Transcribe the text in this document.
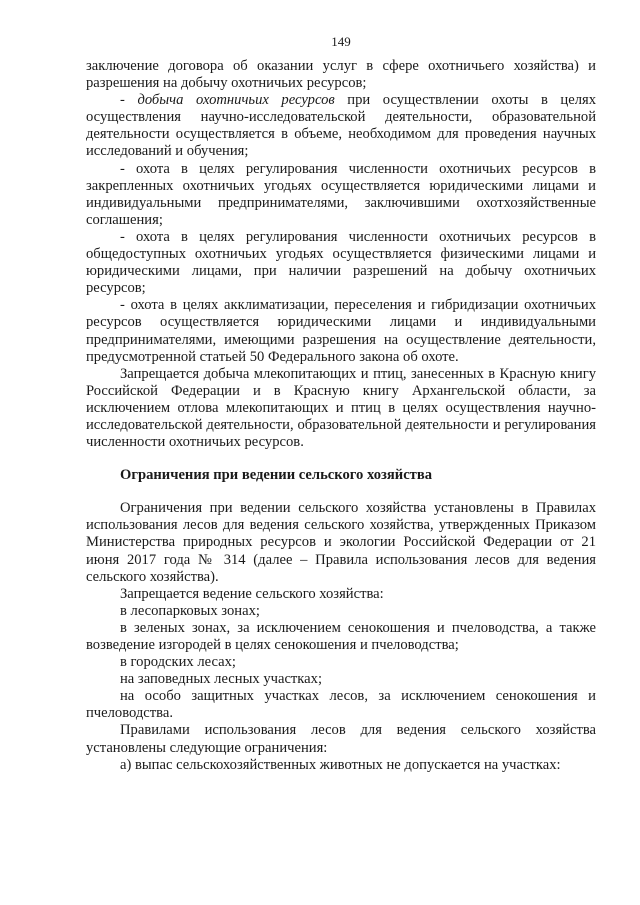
149

заключение договора об оказании услуг в сфере охотничьего хозяйства) и разрешения на добычу охотничьих ресурсов;

- добыча охотничьих ресурсов при осуществлении охоты в целях осуществления научно-исследовательской деятельности, образовательной деятельности осуществляется в объеме, необходимом для проведения научных исследований и обучения;

- охота в целях регулирования численности охотничьих ресурсов в закрепленных охотничьих угодьях осуществляется юридическими лицами и индивидуальными предпринимателями, заключившими охотхозяйственные соглашения;

- охота в целях регулирования численности охотничьих ресурсов в общедоступных охотничьих угодьях осуществляется физическими лицами и юридическими лицами, при наличии разрешений на добычу охотничьих ресурсов;

- охота в целях акклиматизации, переселения и гибридизации охотничьих ресурсов осуществляется юридическими лицами и индивидуальными предпринимателями, имеющими разрешения на осуществление деятельности, предусмотренной статьей 50 Федерального закона об охоте.

Запрещается добыча млекопитающих и птиц, занесенных в Красную книгу Российской Федерации и в Красную книгу Архангельской области, за исключением отлова млекопитающих и птиц в целях осуществления научно-исследовательской деятельности, образовательной деятельности и регулирования численности охотничьих ресурсов.

Ограничения при ведении сельского хозяйства

Ограничения при ведении сельского хозяйства установлены в Правилах использования лесов для ведения сельского хозяйства, утвержденных Приказом Министерства природных ресурсов и экологии Российской Федерации от 21 июня 2017 года № 314 (далее – Правила использования лесов для ведения сельского хозяйства).

Запрещается ведение сельского хозяйства:

в лесопарковых зонах;

в зеленых зонах, за исключением сенокошения и пчеловодства, а также возведение изгородей в целях сенокошения и пчеловодства;

в городских лесах;

на заповедных лесных участках;

на особо защитных участках лесов, за исключением сенокошения и пчеловодства.

Правилами использования лесов для ведения сельского хозяйства установлены следующие ограничения:

а) выпас сельскохозяйственных животных не допускается на участках:
